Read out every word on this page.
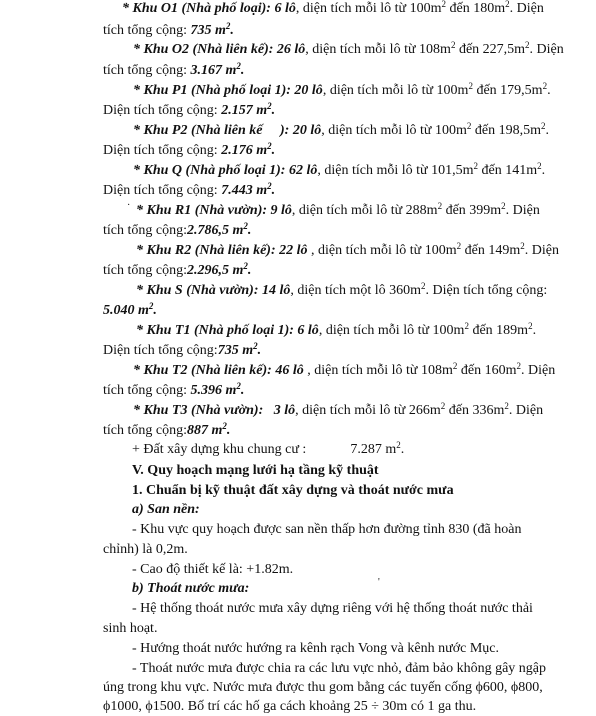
* Khu O1 (Nhà phố loại): 6 lô, diện tích mỗi lô từ $100m^2$ đến $180m^2$. Diện
tích tổng cộng: 735 $m^2$.
* Khu O2 (Nhà liên kế): 26 lô, diện tích mỗi lô từ $108m^2$ đến $227,5m^2$. Diện
tích tổng cộng: 3.167 $m^2$.
* Khu P1 (Nhà phố loại 1): 20 lô, diện tích mỗi lô từ $100m^2$ đến $179,5m^2$.
Diện tích tổng cộng: 2.157 $m^2$.
* Khu P2 (Nhà liên kế     ): 20 lô, diện tích mỗi lô từ $100m^2$ đến $198,5m^2$.
Diện tích tổng cộng: 2.176 $m^2$.
* Khu Q (Nhà phố loại 1): 62 lô, diện tích mỗi lô từ $101,5m^2$ đến $141m^2$.
Diện tích tổng cộng: 7.443 $m^2$.
· * Khu R1 (Nhà vườn): 9 lô, diện tích mỗi lô từ $288m^2$ đến $399m^2$. Diện
tích tổng cộng:2.786,5 $m^2$.
* Khu R2 (Nhà liên kế): 22 lô , diện tích mỗi lô từ $100m^2$ đến $149m^2$. Diện
tích tổng cộng:2.296,5 $m^2$.
* Khu S (Nhà vườn): 14 lô, diện tích một lô $360m^2$. Diện tích tổng cộng:
5.040 $m^2$.
* Khu T1 (Nhà phố loại 1): 6 lô, diện tích mỗi lô từ $100m^2$ đến $189m^2$.
Diện tích tổng cộng:735 $m^2$.
* Khu T2 (Nhà liên kế): 46 lô , diện tích mỗi lô từ $108m^2$ đến $160m^2$. Diện
tích tổng cộng: 5.396 $m^2$.
* Khu T3 (Nhà vườn):   3 lô, diện tích mỗi lô từ $266m^2$ đến $336m^2$. Diện
tích tổng cộng:887 $m^2$.
+ Đất xây dựng khu chung cư :	7.287 $m^2$.
V. Quy hoạch mạng lưới hạ tầng kỹ thuật
1. Chuẩn bị kỹ thuật đất xây dựng và thoát nước mưa
a) San nền:
- Khu vực quy hoạch được san nền thấp hơn đường tỉnh 830 (đã hoàn
chỉnh) là 0,2m.
- Cao độ thiết kế là: +1.82m.
b) Thoát nước mưa:	'
- Hệ thống thoát nước mưa xây dựng riêng với hệ thống thoát nước thải
sinh hoạt.
- Hướng thoát nước hướng ra kênh rạch Vong và kênh nước Mục.
- Thoát nước mưa được chia ra các lưu vực nhỏ, đảm bảo không gây ngập
úng trong khu vực. Nước mưa được thu gom bằng các tuyến cống ϕ600, ϕ800,
ϕ1000, ϕ1500. Bố trí các hố ga cách khoảng 25 ÷ 30m có 1 ga thu.
